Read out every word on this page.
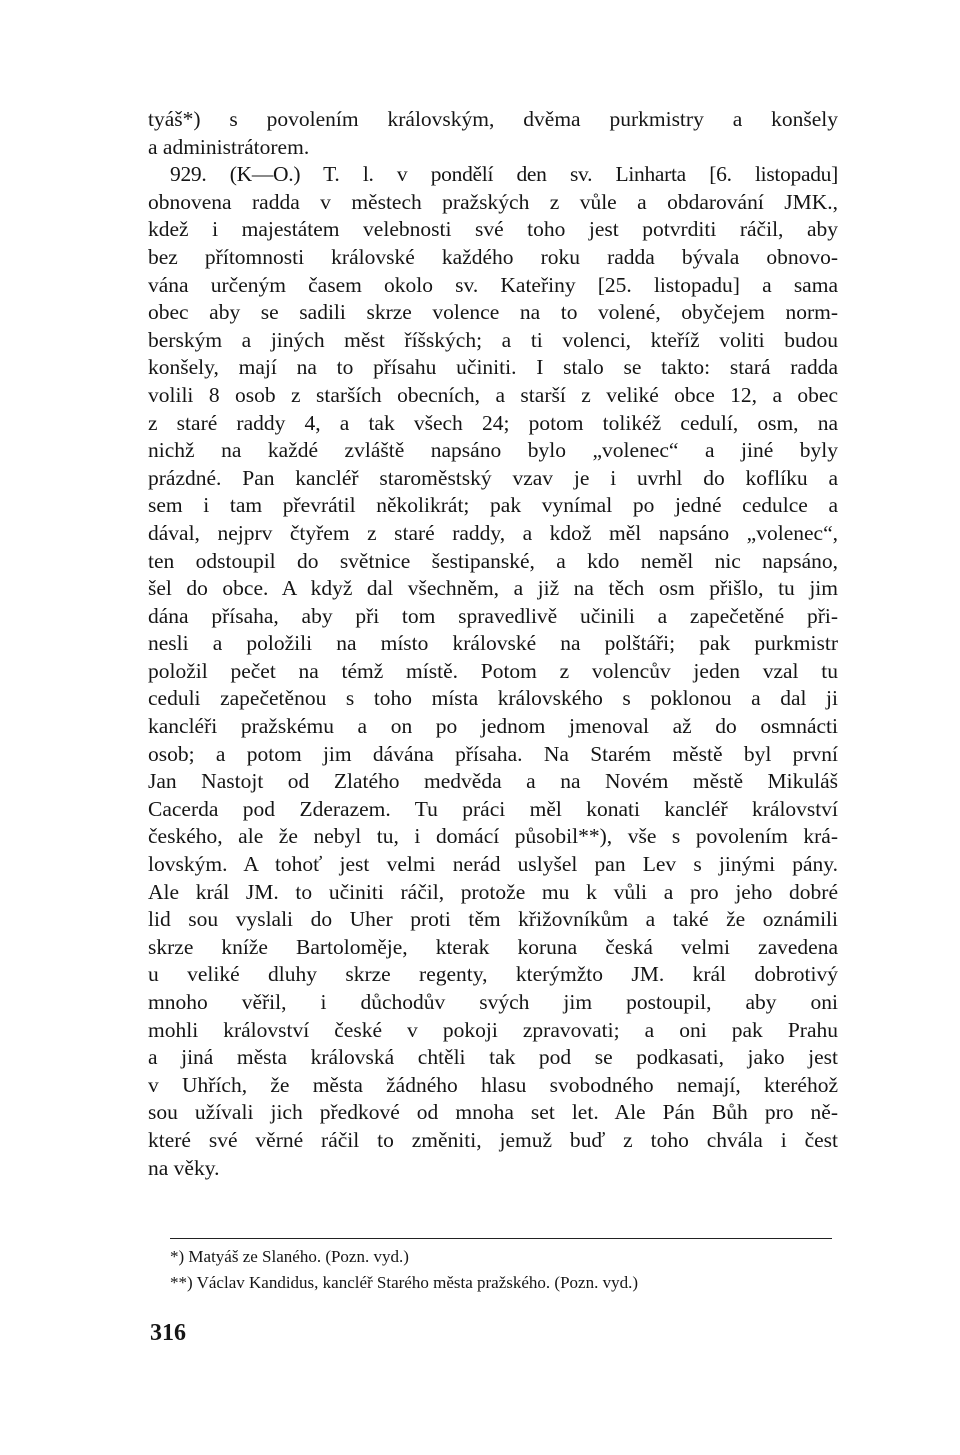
tyáš*) s povolením královským, dvěma purkmistry a konšely
a administrátorem.
929. (K—O.) T. l. v pondělí den sv. Linharta [6. listopadu]
obnovena radda v městech pražských z vůle a obdarování JMK.,
kdež i majestátem velebnosti své toho jest potvrditi ráčil, aby
bez přítomnosti královské každého roku radda bývala obnovo-
vána určeným časem okolo sv. Kateřiny [25. listopadu] a sama
obec aby se sadili skrze volence na to volené, obyčejem norm-
berským a jiných měst říšských; a ti volenci, kteříž voliti budou
konšely, mají na to přísahu učiniti. I stalo se takto: stará radda
volili 8 osob z starších obecních, a starší z veliké obce 12, a obec
z staré raddy 4, a tak všech 24; potom tolikéž cedulí, osm, na
nichž na každé zvláště napsáno bylo „volenec“ a jiné byly
prázdné. Pan kancléř staroměstský vzav je i uvrhl do koflíku a
sem i tam převrátil několikrát; pak vynímal po jedné cedulce a
dával, nejprv čtyřem z staré raddy, a kdož měl napsáno „volenec“,
ten odstoupil do světnice šestipanské, a kdo neměl nic napsáno,
šel do obce. A když dal všechněm, a již na těch osm přišlo, tu jim
dána přísaha, aby při tom spravedlivě učinili a zapečetěné při-
nesli a položili na místo královské na polštáři; pak purkmistr
položil pečet na témž místě. Potom z volencův jeden vzal tu
ceduli zapečetěnou s toho místa královského s poklonou a dal ji
kancléři pražskému a on po jednom jmenoval až do osmnácti
osob; a potom jim dávána přísaha. Na Starém městě byl první
Jan Nastojt od Zlatého medvěda a na Novém městě Mikuláš
Cacerda pod Zderazem. Tu práci měl konati kancléř království
českého, ale že nebyl tu, i domácí působil**), vše s povolením krá-
lovským. A tohoť jest velmi nerád uslyšel pan Lev s jinými pány.
Ale král JM. to učiniti ráčil, protože mu k vůli a pro jeho dobré
lid sou vyslali do Uher proti těm křižovníkům a také že oznámili
skrze kníže Bartoloměje, kterak koruna česká velmi zavedena
u veliké dluhy skrze regenty, kterýmžto JM. král dobrotivý
mnoho věřil, i důchodův svých jim postoupil, aby oni
mohli království české v pokoji zpravovati; a oni pak Prahu
a jiná města královská chtěli tak pod se podkasati, jako jest
v Uhřích, že města žádného hlasu svobodného nemají, kteréhož
sou užívali jich předkové od mnoha set let. Ale Pán Bůh pro ně-
které své věrné ráčil to změniti, jemuž buď z toho chvála i čest
na věky.
*) Matyáš ze Slaného. (Pozn. vyd.)
**) Václav Kandidus, kancléř Starého města pražského. (Pozn. vyd.)
316
